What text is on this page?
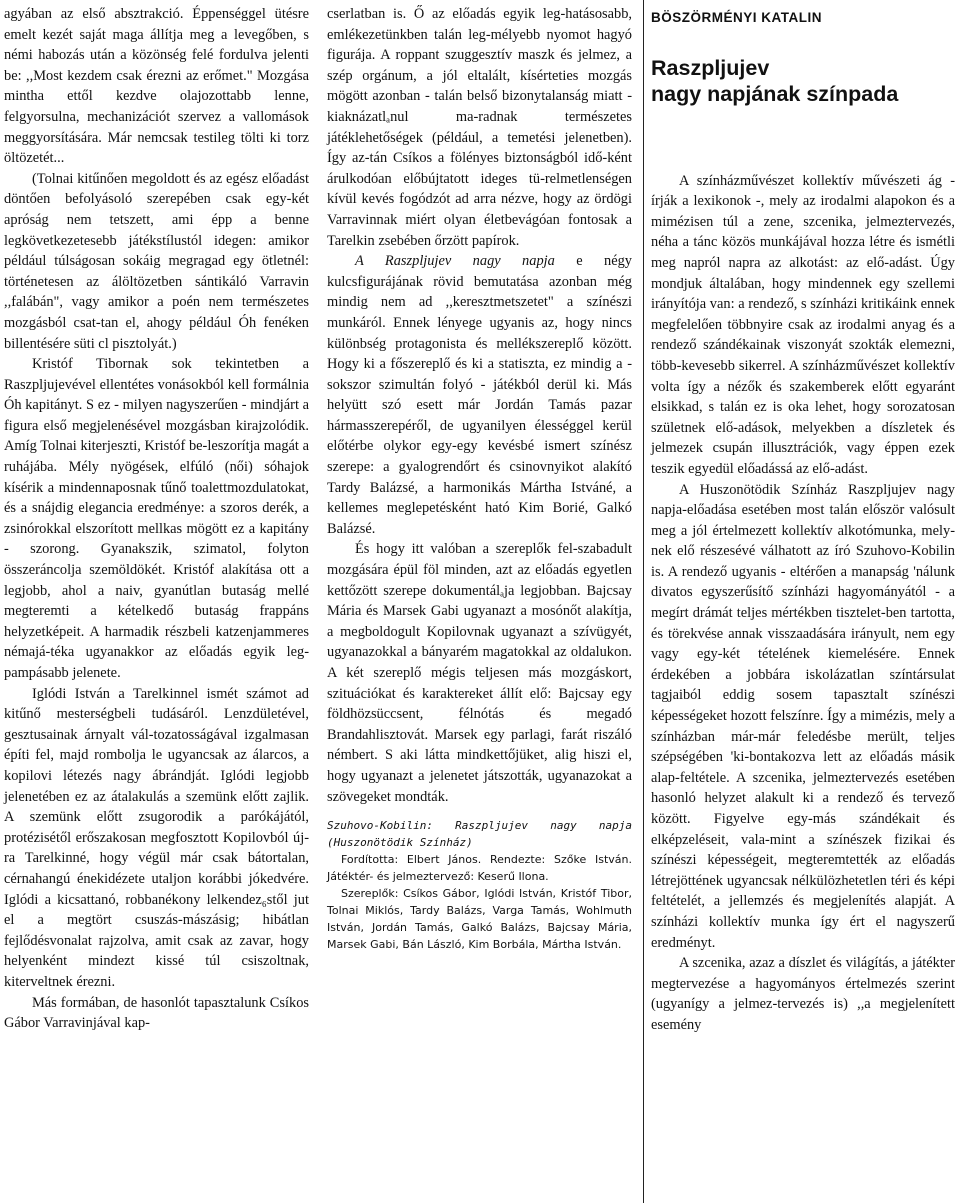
agyában az első absztrakció. Éppenséggel ütésre emelt kezét saját maga állítja meg a levegőben, s némi habozás után a közönség felé fordulva jelenti be: ,,Most kezdem csak érezni az erőmet." Mozgása mintha ettől kezdve olajozottabb lenne, felgyorsulna, mechanizációt szervez a vallomások meggyorsítására. Már nemcsak testileg tölti ki torz öltözetét...

(Tolnai kitűnően megoldott és az egész előadást döntően befolyásoló szerepében csak egy-két apróság nem tetszett, ami épp a benne legkövetkezetesebb játékstílustól idegen: amikor például túlságosan sokáig megragad egy ötletnél: történetesen az álöltözetben sántikáló Varravin ,,falábán", vagy amikor a poén nem természetes mozgásból csat-tan el, ahogy például Óh fenéken billentésére süti cl pisztolyát.)

Kristóf Tibornak sok tekintetben a Raszpljujevével ellentétes vonásokból kell formálnia Óh kapitányt. S ez - milyen nagyszerűen - mindjárt a figura első megjelenésével mozgásban kirajzolódik. Amíg Tolnai kiterjeszti, Kristóf be-leszorítja magát a ruhájába. Mély nyögések, elfúló (női) sóhajok kísérik a mindennaposnak tűnő toalettmozdulatokat, és a snájdig elegancia eredménye: a szoros derék, a zsinórokkal elszorított mellkas mögött ez a kapitány - szorong. Gyanakszik, szimatol, folyton összeráncolja szemöldökét. Kristóf alakítása ott a legjobb, ahol a naiv, gyanútlan butaság mellé megteremti a kételkedő butaság frappáns helyzetképeit. A harmadik részbeli katzenjammeres némajá-téka ugyanakkor az előadás egyik leg-pampásabb jelenete.

Iglódi István a Tarelkinnel ismét számot ad kitűnő mesterségbeli tudásáról. Lenzdületével, gesztusainak árnyalt vál-tozatosságával izgalmasan építi fel, majd rombolja le ugyancsak az álarcos, a kopilovi létezés nagy ábrándját. Iglódi legjobb jelenetében ez az átalakulás a szemünk előtt zajlik. A szemünk előtt zsugorodik a parókájától, protézisétől erőszakosan megfosztott Kopilovból új-ra Tarelkinné, hogy végül már csak bátortalan, cérnahangú énekidézete utaljon korábbi jókedvére. Iglódi a kicsattanó, robbanékony lelkendez₆stől jut el a megtört csuszás-mászásig; hibátlan fejlődésvonalat rajzolva, amit csak az zavar, hogy helyenként mindezt kissé túl csiszoltnak, kiterveltnek érezni.

Más formában, de hasonlót tapasztalunk Csíkos Gábor Varravinjával kap-

cserlatban is. Ő az előadás egyik leg-hatásosabb, emlékezetünkben talán leg-mélyebb nyomot hagyó figurája. A roppant szuggesztív maszk és jelmez, a szép orgánum, a jól eltalált, kísérteties mozgás mögött azonban - talán belső bizonytalanság miatt - kiaknázatlₐnul ma-radnak természetes játéklehetőségek (például, a temetési jelenetben). Így az-tán Csíkos a fölényes biztonságból idő-ként árulkodóan előbújtatott ideges tü-relmetlenségen kívül kevés fogódzót ad arra nézve, hogy az ördögi Varravinnak miért olyan életbevágóan fontosak a Tarelkin zsebében őrzött papírok.

A Raszpljujev nagy napja e négy kulcsfigurájának rövid bemutatása azonban még mindig nem ad ,,keresztmetszetet" a színészi munkáról. Ennek lényege ugyanis az, hogy nincs különbség protagonista és mellékszereplő között. Hogy ki a főszereplő és ki a statiszta, ez mindig a - sokszor szimultán folyó - játékból derül ki. Más helyütt szó esett már Jordán Tamás pazar hármasszerepéről, de ugyanilyen élességgel kerül előtérbe olykor egy-egy kevésbé ismert színész szerepe: a gyalogrendőrt és csinovnyikot alakító Tardy Balázsé, a harmonikás Mártha Istváné, a kellemes meglepetésként ható Kim Borié, Galkó Balázsé.

És hogy itt valóban a szereplők fel-szabadult mozgására épül föl minden, azt az előadás egyetlen kettőzött szerepe dokumentálₐja legjobban. Bajcsay Mária és Marsek Gabi ugyanazt a mosónőt alakítja, a megboldogult Kopilovnak ugyanazt a szívügyét, ugyanazokkal a bányarém magatokkal az oldalukon. A két szereplő mégis teljesen más mozgáskort, szituációkat és karaktereket állít elő: Bajcsay egy földhözsüccsent, félnótás és megadó Brandahlisztovát. Marsek egy parlagi, farát riszáló némbert. S aki látta mindkettőjüket, alig hiszi el, hogy ugyanazt a jelenetet játszották, ugyanazokat a szövegeket mondták.

Szuhovo-Kobilin: Raszpljujev nagy napja (Huszonötödik Színház)

Fordította: Elbert János. Rendezte: Szőke István. Játéktér- és jelmeztervező: Keserű Ilona.

Szereplők: Csíkos Gábor, Iglódi István, Kristóf Tibor, Tolnai Miklós, Tardy Balázs, Varga Tamás, Wohlmuth István, Jordán Tamás, Galkó Balázs, Bajcsay Mária, Marsek Gabi, Bán László, Kim Borbála, Mártha István.

BÖSZÖRMÉNYI KATALIN
Raszpljujev
nagy napjának színpada

A színházművészet kollektív művészeti ág - írják a lexikonok -, mely az irodalmi alapokon és a mimézisen túl a zene, szcenika, jelmeztervezés, néha a tánc közös munkájával hozza létre és ismétli meg napról napra az alkotást: az elő-adást. Úgy mondjuk általában, hogy mindennek egy szellemi irányítója van: a rendező, s színházi kritikáink ennek megfelelően többnyire csak az irodalmi anyag és a rendező szándékainak viszonyát szokták elemezni, több-kevesebb sikerrel. A színházművészet kollektív volta így a nézők és szakemberek előtt egyaránt elsikkad, s talán ez is oka lehet, hogy sorozatosan születnek elő-adások, melyekben a díszletek és jelmezek csupán illusztrációk, vagy éppen ezek teszik egyedül előadássá az elő-adást.

A Huszonötödik Színház Raszpljujev nagy napja-előadása esetében most talán először valósult meg a jól értelmezett kollektív alkotómunka, mely-nek elő részesévé válhatott az író Szuhovo-Kobilin is. A rendező ugyanis - eltérően a manapság 'nálunk divatos egyszerűsítő színházi hagyományától - a megírt drámát teljes mértékben tisztelet-ben tartotta, és törekvése annak visszaadására irányult, nem egy vagy egy-két tételének kiemelésére. Ennek érdekében a jobbára iskolázatlan színtársulat tagjaiból eddig sosem tapasztalt színészi képességeket hozott felszínre. Így a mimézis, mely a színházban már-már feledésbe merült, teljes szépségében 'ki-bontakozva lett az előadás másik alap-feltétele. A szcenika, jelmeztervezés esetében hasonló helyzet alakult ki a rendező és tervező között. Figyelve egy-más szándékait és elképzeléseit, vala-mint a színészek fizikai és színészi képességeit, megteremtették az előadás létrejöttének ugyancsak nélkülözhetetlen téri és képi feltételét, a jellemzés és megjelenítés alapját. A színházi kollektív munka így ért el nagyszerű eredményt.

A szcenika, azaz a díszlet és világítás, a játékter megtervezése a hagyományos értelmezés szerint (ugyanígy a jelmez-tervezés is) ,,a megjelenített esemény
